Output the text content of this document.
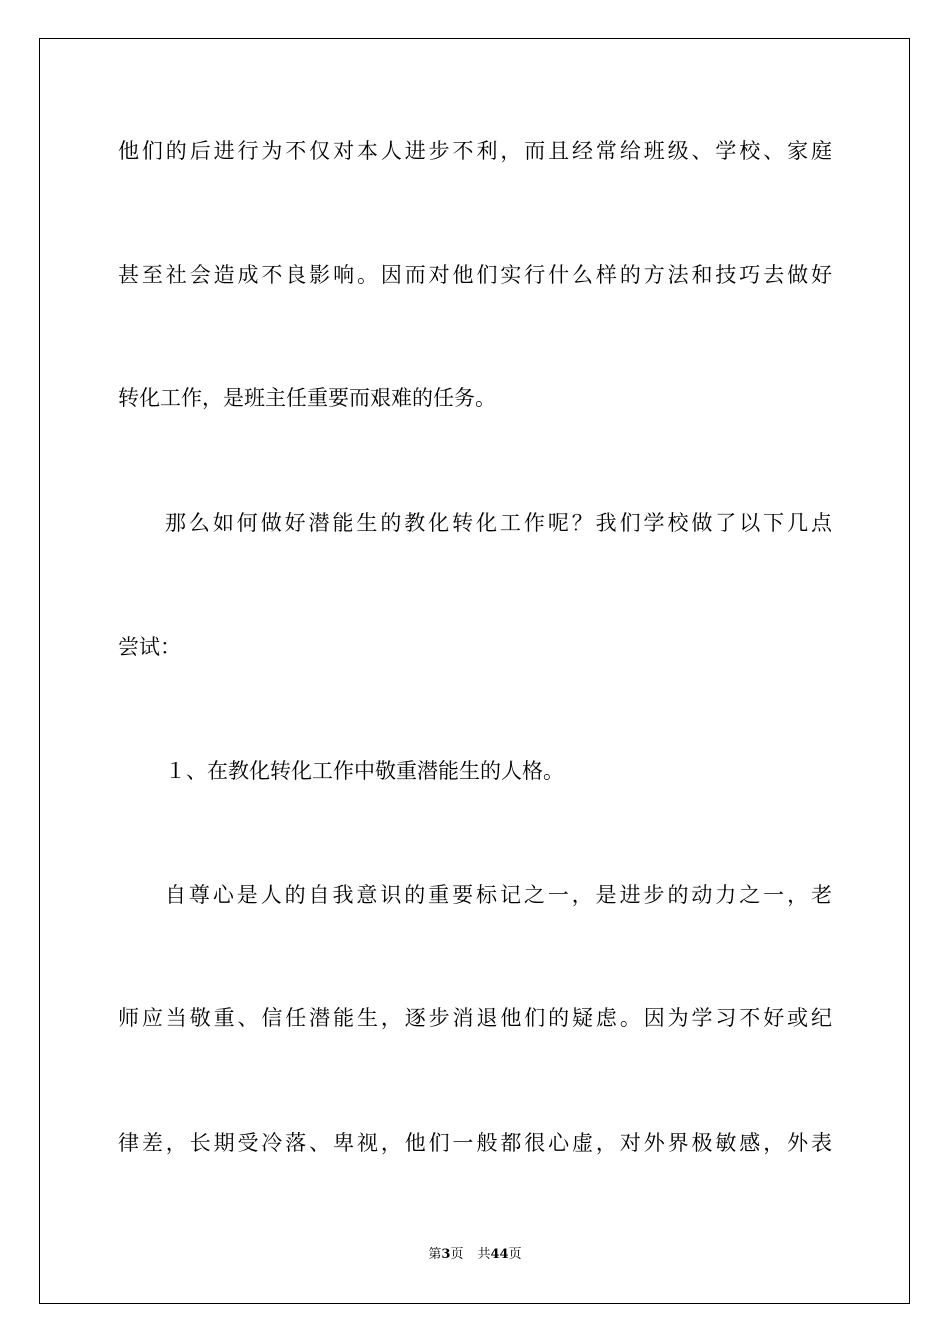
他们的后进行为不仅对本人进步不利，而且经常给班级、学校、家庭
甚至社会造成不良影响。因而对他们实行什么样的方法和技巧去做好
转化工作，是班主任重要而艰难的任务。
那么如何做好潜能生的教化转化工作呢？我们学校做了以下几点
尝试：
１、在教化转化工作中敬重潜能生的人格。
自尊心是人的自我意识的重要标记之一，是进步的动力之一，老
师应当敬重、信任潜能生，逐步消退他们的疑虑。因为学习不好或纪
律差，长期受冷落、卑视，他们一般都很心虚，对外界极敏感，外表
第3页 共44页
